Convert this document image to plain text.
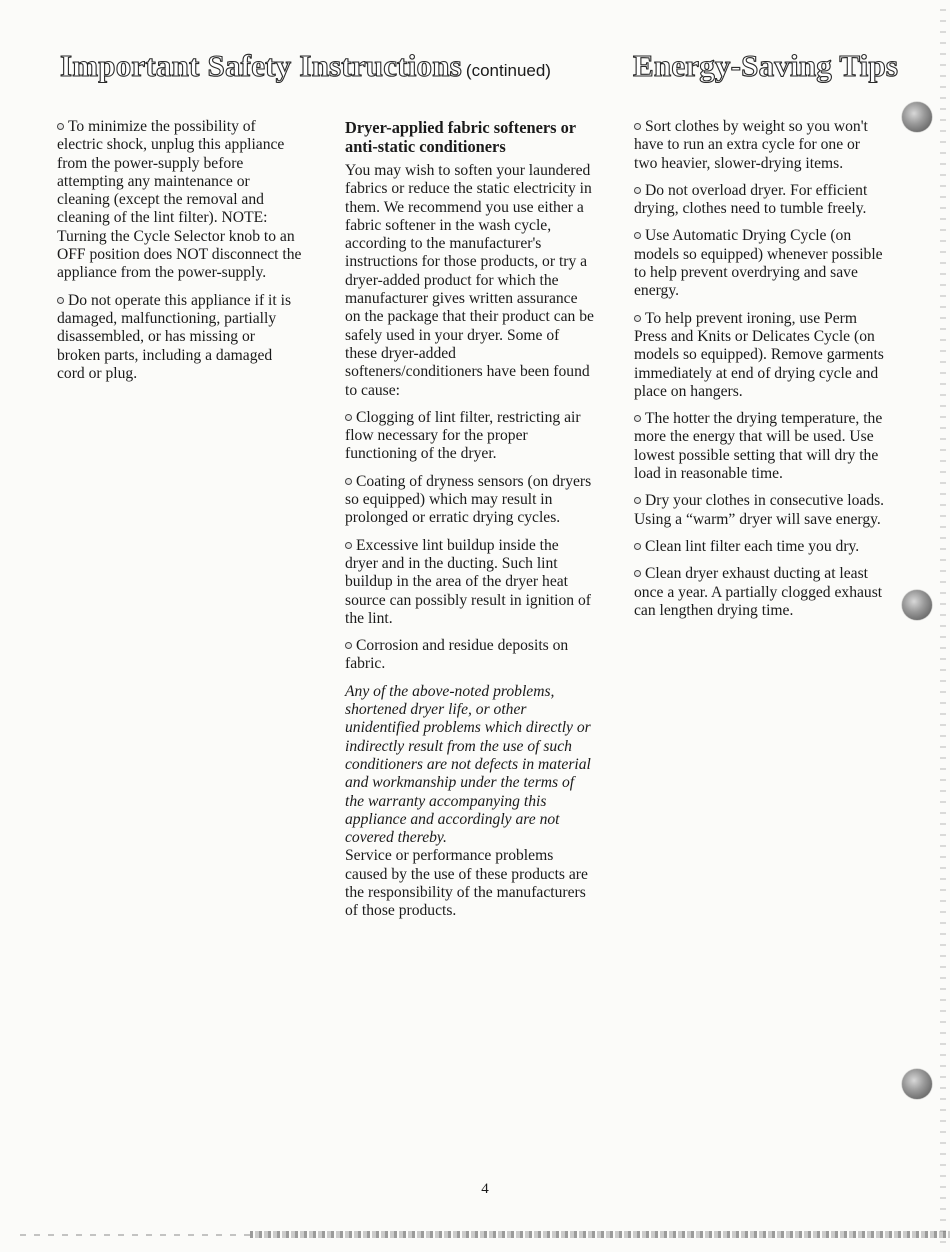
Important Safety Instructions (continued)	Energy-Saving Tips

To minimize the possibility of electric shock, unplug this appliance from the power-supply before attempting any maintenance or cleaning (except the removal and cleaning of the lint filter). NOTE: Turning the Cycle Selector knob to an OFF position does NOT disconnect the appliance from the power-supply.

Do not operate this appliance if it is damaged, malfunctioning, partially disassembled, or has missing or broken parts, including a damaged cord or plug.

Dryer-applied fabric softeners or anti-static conditioners

You may wish to soften your laundered fabrics or reduce the static electricity in them. We recommend you use either a fabric softener in the wash cycle, according to the manufacturer's instructions for those products, or try a dryer-added product for which the manufacturer gives written assurance on the package that their product can be safely used in your dryer. Some of these dryer-added softeners/conditioners have been found to cause:

Clogging of lint filter, restricting air flow necessary for the proper functioning of the dryer.

Coating of dryness sensors (on dryers so equipped) which may result in prolonged or erratic drying cycles.

Excessive lint buildup inside the dryer and in the ducting. Such lint buildup in the area of the dryer heat source can possibly result in ignition of the lint.

Corrosion and residue deposits on fabric.

Any of the above-noted problems, shortened dryer life, or other unidentified problems which directly or indirectly result from the use of such conditioners are not defects in material and workmanship under the terms of the warranty accompanying this appliance and accordingly are not covered thereby.

Service or performance problems caused by the use of these products are the responsibility of the manufacturers of those products.

Sort clothes by weight so you won't have to run an extra cycle for one or two heavier, slower-drying items.

Do not overload dryer. For efficient drying, clothes need to tumble freely.

Use Automatic Drying Cycle (on models so equipped) whenever possible to help prevent overdrying and save energy.

To help prevent ironing, use Perm Press and Knits or Delicates Cycle (on models so equipped). Remove garments immediately at end of drying cycle and place on hangers.

The hotter the drying temperature, the more the energy that will be used. Use lowest possible setting that will dry the load in reasonable time.

Dry your clothes in consecutive loads. Using a “warm” dryer will save energy.

Clean lint filter each time you dry.

Clean dryer exhaust ducting at least once a year. A partially clogged exhaust can lengthen drying time.

4
